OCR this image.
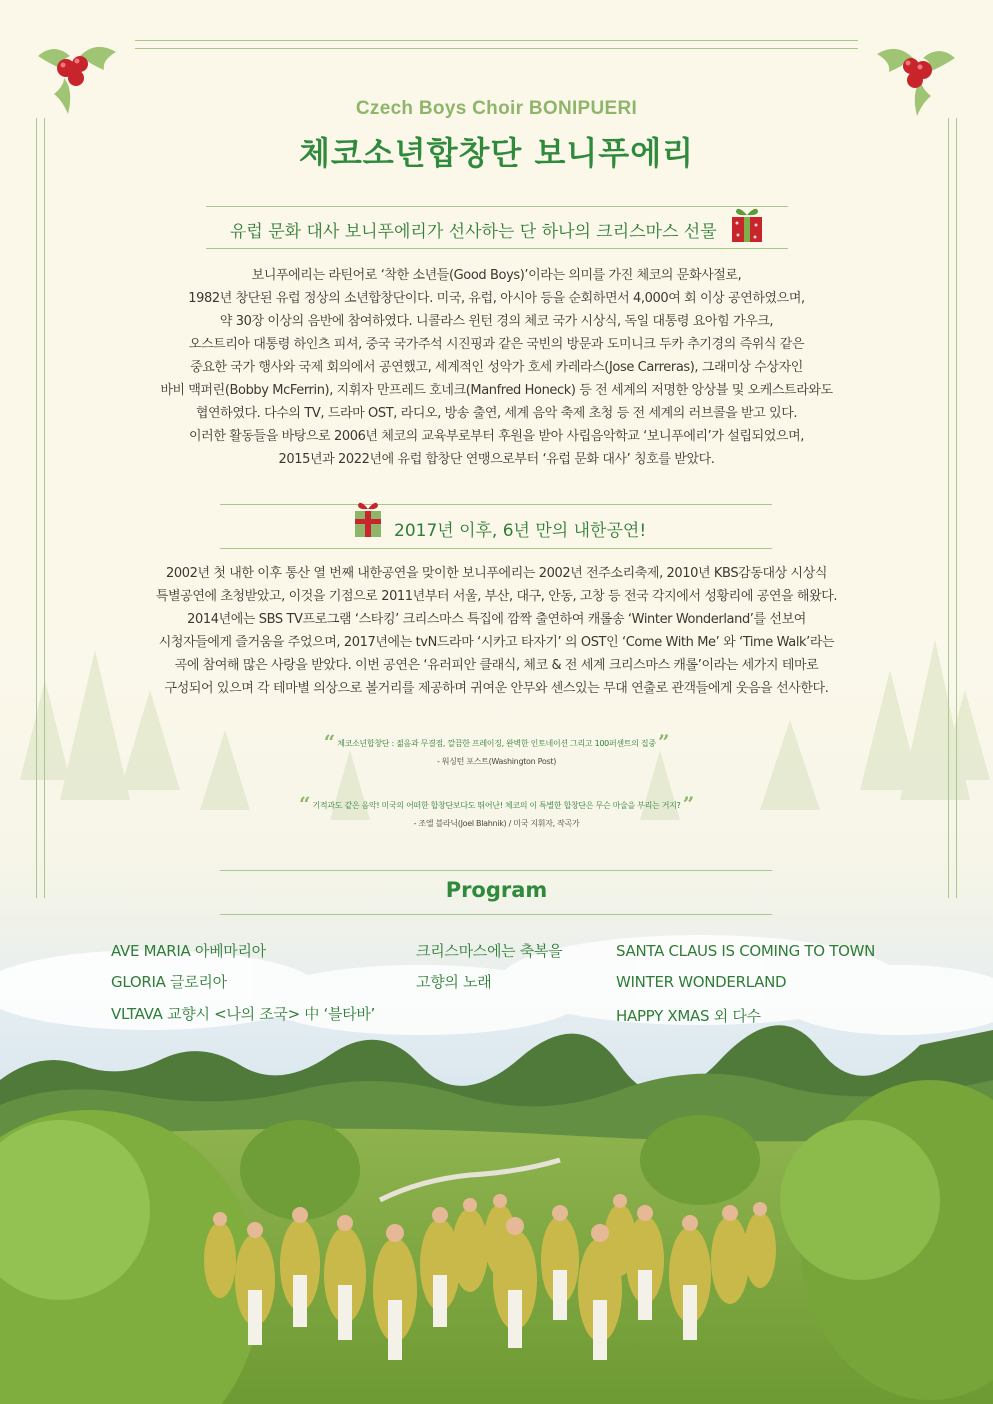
Czech Boys Choir BONIPUERI
체코소년합창단 보니푸에리
유럽 문화 대사 보니푸에리가 선사하는 단 하나의 크리스마스 선물
보니푸에리는 라틴어로 ‘착한 소년들(Good Boys)’이라는 의미를 가진 체코의 문화사절로,
1982년 창단된 유럽 정상의 소년합창단이다. 미국, 유럽, 아시아 등을 순회하면서 4,000여 회 이상 공연하였으며,
약 30장 이상의 음반에 참여하였다. 니콜라스 윈턴 경의 체코 국가 시상식, 독일 대통령 요아힘 가우크,
오스트리아 대통령 하인츠 피셔, 중국 국가주석 시진핑과 같은 국빈의 방문과 도미니크 두카 추기경의 즉위식 같은
중요한 국가 행사와 국제 회의에서 공연했고, 세계적인 성악가 호세 카레라스(Jose Carreras), 그래미상 수상자인
바비 맥퍼린(Bobby McFerrin), 지휘자 만프레드 호네크(Manfred Honeck) 등 전 세계의 저명한 앙상블 및 오케스트라와도
협연하였다. 다수의 TV, 드라마 OST, 라디오, 방송 출연, 세계 음악 축제 초청 등 전 세계의 러브콜을 받고 있다.
이러한 활동들을 바탕으로 2006년 체코의 교육부로부터 후원을 받아 사립음악학교 ‘보니푸에리’가 설립되었으며,
2015년과 2022년에 유럽 합창단 연맹으로부터 ‘유럽 문화 대사’ 칭호를 받았다.
2017년 이후, 6년 만의 내한공연!
2002년 첫 내한 이후 통산 열 번째 내한공연을 맞이한 보니푸에리는 2002년 전주소리축제, 2010년 KBS감동대상 시상식
특별공연에 초청받았고, 이것을 기점으로 2011년부터 서울, 부산, 대구, 안동, 고창 등 전국 각지에서 성황리에 공연을 해왔다.
2014년에는 SBS TV프로그램 ‘스타킹’ 크리스마스 특집에 깜짝 출연하여 캐롤송 ‘Winter Wonderland’를 선보여
시청자들에게 즐거움을 주었으며, 2017년에는 tvN드라마 ‘시카고 타자기’ 의 OST인 ‘Come With Me’ 와 ‘Time Walk’라는
곡에 참여해 많은 사랑을 받았다. 이번 공연은 ‘유러피안 클래식, 체코 & 전 세계 크리스마스 캐롤’이라는 세가지 테마로
구성되어 있으며 각 테마별 의상으로 볼거리를 제공하며 귀여운 안무와 센스있는 무대 연출로 관객들에게 웃음을 선사한다.
“ 체코소년합창단 : 젊음과 무결점, 깔끔한 프레이징, 완벽한 인토네이션 그리고 100퍼센트의 집중 ”
- 워싱턴 포스트(Washington Post)
“ 기적과도 같은 음악! 미국의 어떠한 합창단보다도 뛰어난! 체코의 이 특별한 합창단은 무슨 마술을 부리는 거지? ”
- 조엘 블라닉(Joel Blahnik) / 미국 지휘자, 작곡가
Program
AVE MARIA 아베마리아
GLORIA 글로리아
VLTAVA 교향시 <나의 조국> 中 ‘블타바’
크리스마스에는 축복을
고향의 노래
SANTA CLAUS IS COMING TO TOWN
WINTER WONDERLAND
HAPPY XMAS 외 다수
